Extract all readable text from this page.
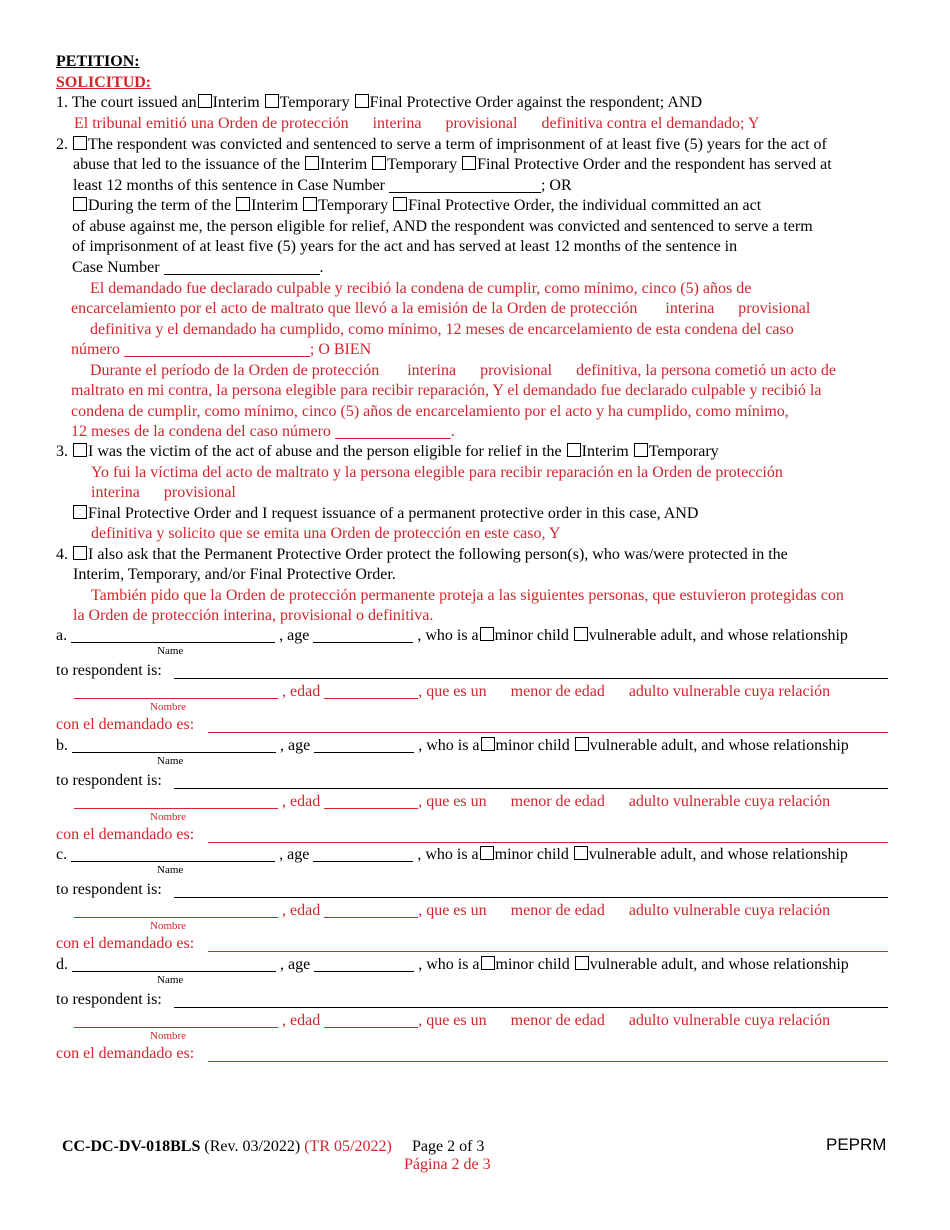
PETITION:
SOLICITUD:
1. The court issued an Interim Temporary Final Protective Order against the respondent; AND
El tribunal emitió una Orden de protección interina provisional definitiva contra el demandado; Y
2. The respondent was convicted and sentenced to serve a term of imprisonment of at least five (5) years for the act of
abuse that led to the issuance of the Interim Temporary Final Protective Order and the respondent has served at
least 12 months of this sentence in Case Number	; OR
During the term of the Interim Temporary Final Protective Order, the individual committed an act
of abuse against me, the person eligible for relief, AND the respondent was convicted and sentenced to serve a term
of imprisonment of at least five (5) years for the act and has served at least 12 months of the sentence in
Case Number	.
El demandado fue declarado culpable y recibió la condena de cumplir, como mínimo, cinco (5) años de
encarcelamiento por el acto de maltrato que llevó a la emisión de la Orden de protección interina provisional
definitiva y el demandado ha cumplido, como mínimo, 12 meses de encarcelamiento de esta condena del caso
número	; O BIEN
Durante el período de la Orden de protección interina provisional definitiva, la persona cometió un acto de
maltrato en mi contra, la persona elegible para recibir reparación, Y el demandado fue declarado culpable y recibió la
condena de cumplir, como mínimo, cinco (5) años de encarcelamiento por el acto y ha cumplido, como mínimo,
12 meses de la condena del caso número	.
3. I was the victim of the act of abuse and the person eligible for relief in the Interim Temporary
Yo fui la víctima del acto de maltrato y la persona elegible para recibir reparación en la Orden de protección
interina provisional
Final Protective Order and I request issuance of a permanent protective order in this case, AND
definitiva y solicito que se emita una Orden de protección en este caso, Y
4. I also ask that the Permanent Protective Order protect the following person(s), who was/were protected in the
Interim, Temporary, and/or Final Protective Order.
También pido que la Orden de protección permanente proteja a las siguientes personas, que estuvieron protegidas con
la Orden de protección interina, provisional o definitiva.
a.	, age	, who is a minor child vulnerable adult, and whose relationship
Name
to respondent is:
, edad	, que es un menor de edad adulto vulnerable cuya relación
Nombre
con el demandado es:
b.	, age	, who is a minor child vulnerable adult, and whose relationship
Name
to respondent is:
, edad	, que es un menor de edad adulto vulnerable cuya relación
Nombre
con el demandado es:
c.	, age	, who is a minor child vulnerable adult, and whose relationship
Name
to respondent is:
, edad	, que es un menor de edad adulto vulnerable cuya relación
Nombre
con el demandado es:
d.	, age	, who is a minor child vulnerable adult, and whose relationship
Name
to respondent is:
, edad	, que es un menor de edad adulto vulnerable cuya relación
Nombre
con el demandado es:
CC-DC-DV-018BLS (Rev. 03/2022) (TR 05/2022) Page 2 of 3
Página 2 de 3
PEPRM
